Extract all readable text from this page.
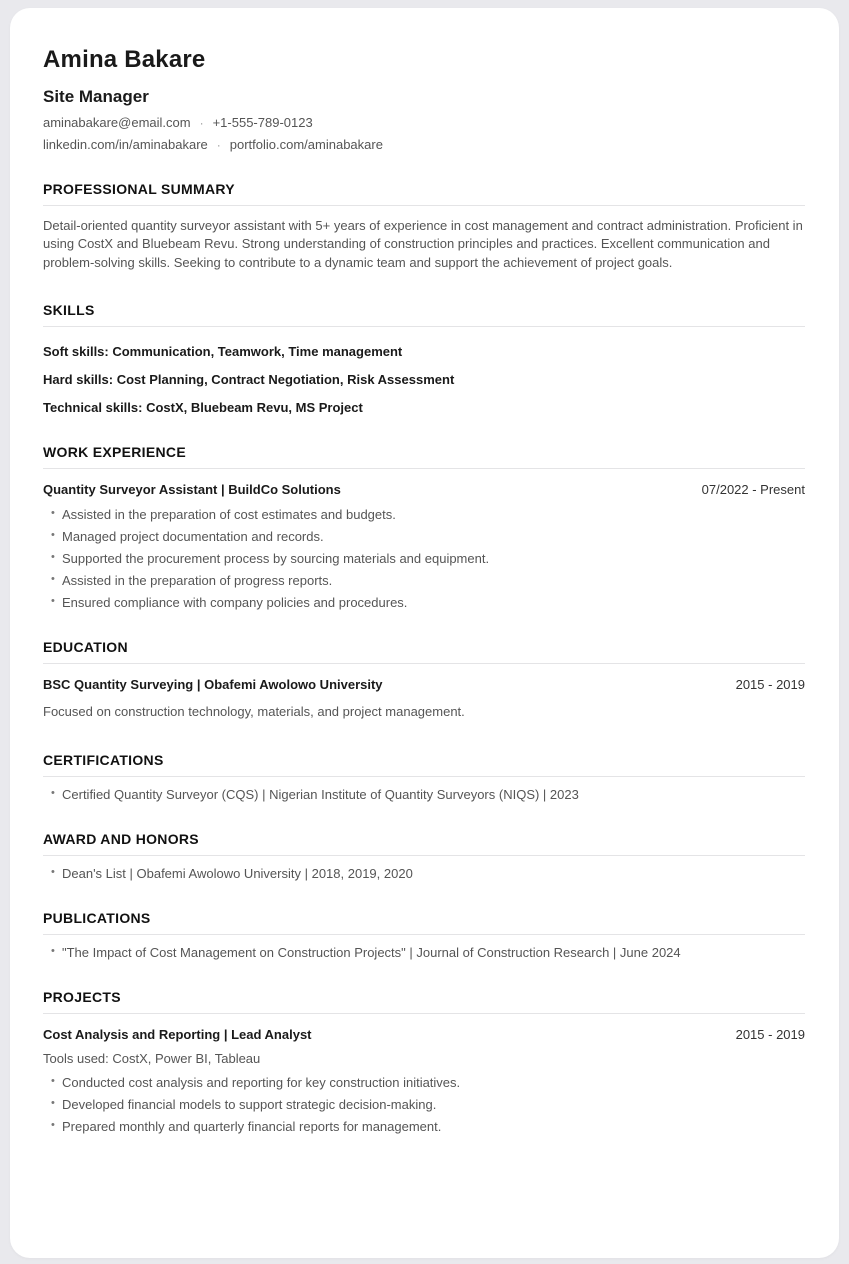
Amina Bakare
Site Manager
aminabakare@email.com · +1-555-789-0123
linkedin.com/in/aminabakare · portfolio.com/aminabakare
PROFESSIONAL SUMMARY

Detail-oriented quantity surveyor assistant with 5+ years of experience in cost management and contract administration. Proficient in using CostX and Bluebeam Revu. Strong understanding of construction principles and practices. Excellent communication and problem-solving skills. Seeking to contribute to a dynamic team and support the achievement of project goals.

SKILLS

Soft skills: Communication, Teamwork, Time management

Hard skills: Cost Planning, Contract Negotiation, Risk Assessment

Technical skills: CostX, Bluebeam Revu, MS Project

WORK EXPERIENCE
Quantity Surveyor Assistant | BuildCo Solutions	07/2022 - Present
• Assisted in the preparation of cost estimates and budgets.
• Managed project documentation and records.
• Supported the procurement process by sourcing materials and equipment.
• Assisted in the preparation of progress reports.
• Ensured compliance with company policies and procedures.
EDUCATION
BSC Quantity Surveying | Obafemi Awolowo University	2015 - 2019

Focused on construction technology, materials, and project management.

CERTIFICATIONS
• Certified Quantity Surveyor (CQS) | Nigerian Institute of Quantity Surveyors (NIQS) | 2023
AWARD AND HONORS
• Dean's List | Obafemi Awolowo University | 2018, 2019, 2020
PUBLICATIONS
• "The Impact of Cost Management on Construction Projects" | Journal of Construction Research | June 2024
PROJECTS
Cost Analysis and Reporting | Lead Analyst	2015 - 2019

Tools used: CostX, Power BI, Tableau

• Conducted cost analysis and reporting for key construction initiatives.
• Developed financial models to support strategic decision-making.
• Prepared monthly and quarterly financial reports for management.
